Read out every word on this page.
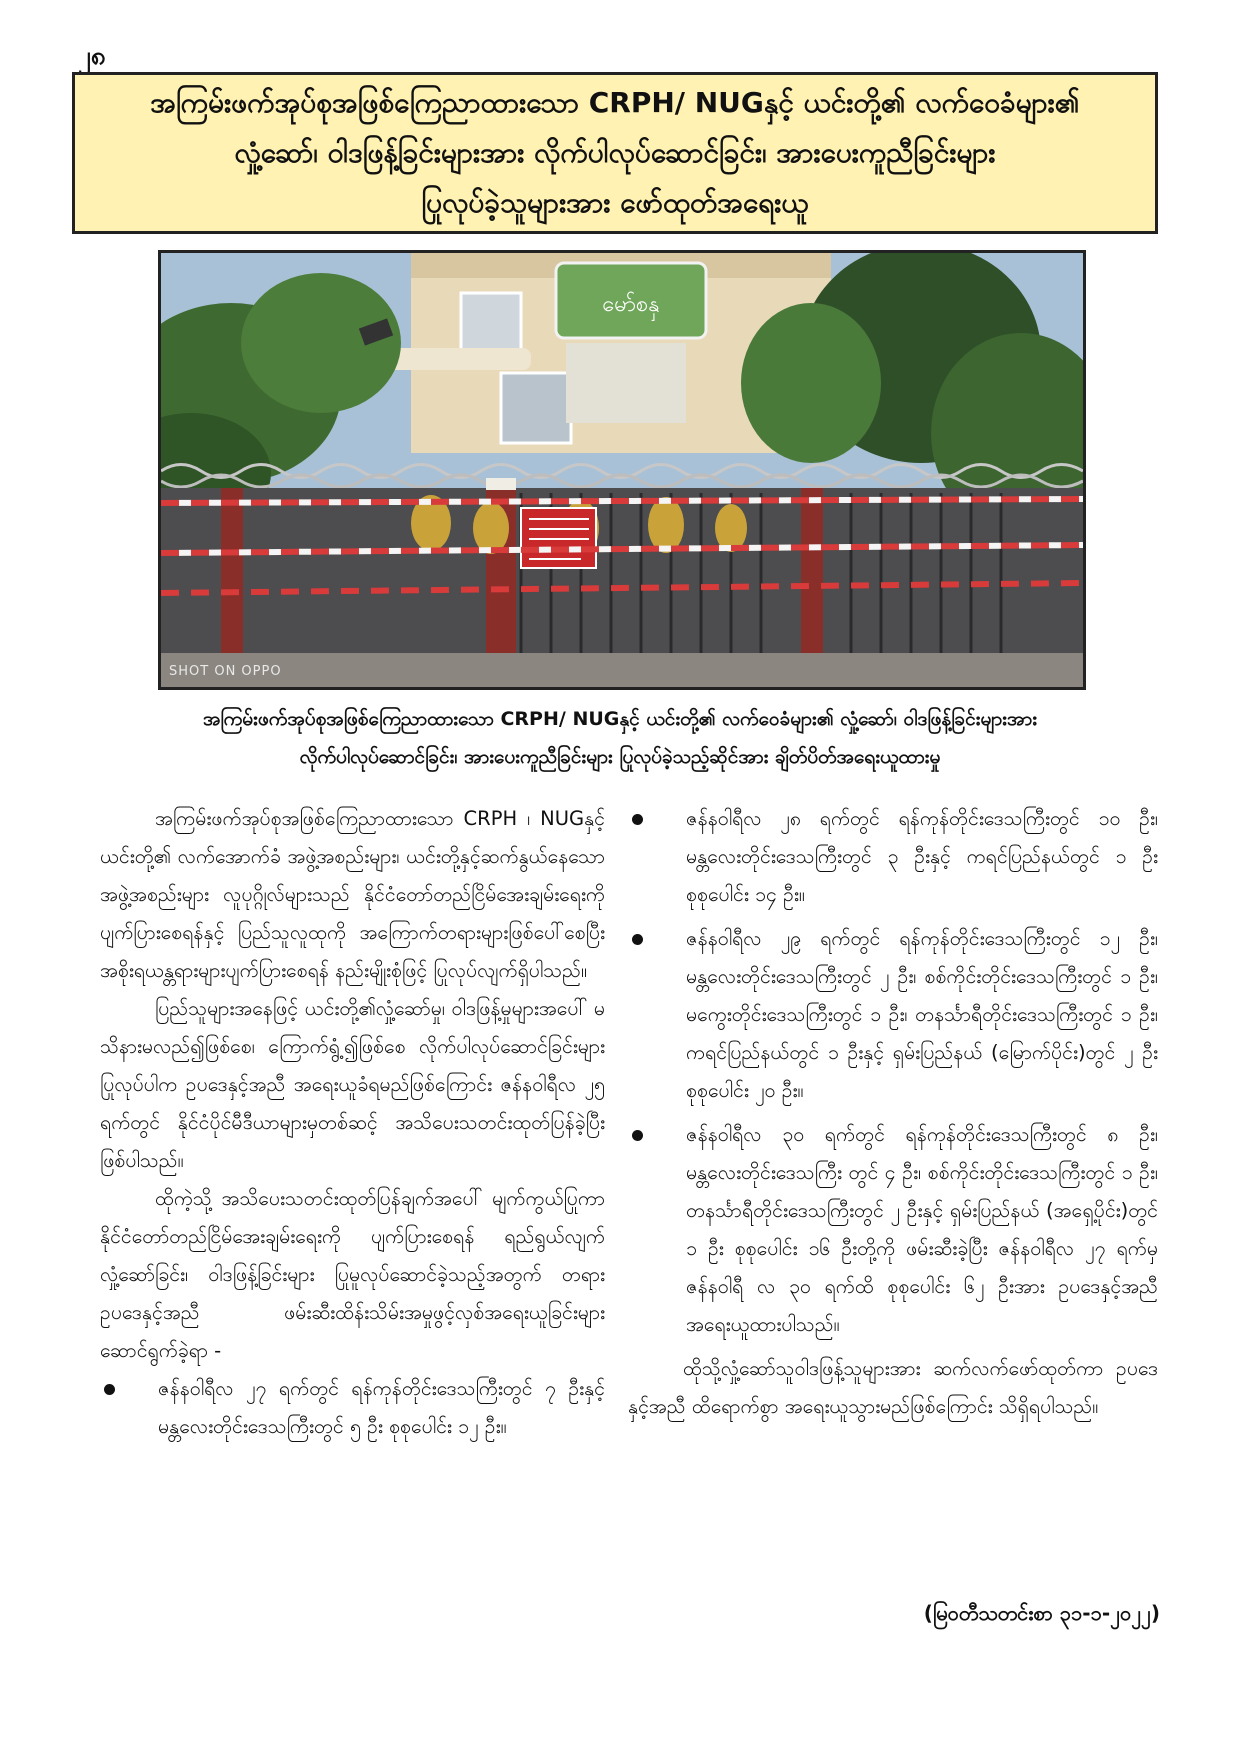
၂၈
အကြမ်းဖက်အုပ်စုအဖြစ်ကြေညာထားသော CRPH/ NUGနှင့် ယင်းတို့၏ လက်ဝေခံများ၏
လှုံ့ဆော်၊ ဝါဒဖြန့်ခြင်းများအား လိုက်ပါလုပ်ဆောင်ခြင်း၊ အားပေးကူညီခြင်းများ
ပြုလုပ်ခဲ့သူများအား ဖော်ထုတ်အရေးယူ
မော်စနှ
SHOT ON OPPO
အကြမ်းဖက်အုပ်စုအဖြစ်ကြေညာထားသော CRPH/ NUGနှင့် ယင်းတို့၏ လက်ဝေခံများ၏ လှုံ့ဆော်၊ ဝါဒဖြန့်ခြင်းများအား
လိုက်ပါလုပ်ဆောင်ခြင်း၊ အားပေးကူညီခြင်းများ ပြုလုပ်ခဲ့သည့်ဆိုင်အား ချိတ်ပိတ်အရေးယူထားမှု

အကြမ်းဖက်အုပ်စုအဖြစ်ကြေညာထားသော CRPH ၊ NUGနှင့် ယင်းတို့၏ လက်အောက်ခံ အဖွဲ့အစည်းများ၊ ယင်းတို့နှင့်ဆက်နွယ်နေသော အဖွဲ့အစည်းများ လူပုဂ္ဂိုလ်များသည် နိုင်ငံတော်တည်ငြိမ်အေးချမ်းရေးကို ပျက်ပြားစေရန်နှင့် ပြည်သူလူထုကို အကြောက်တရားများဖြစ်ပေါ်စေပြီး အစိုးရယန္တရားများပျက်ပြားစေရန် နည်းမျိုးစုံဖြင့် ပြုလုပ်လျက်ရှိပါသည်။

ပြည်သူများအနေဖြင့် ယင်းတို့၏လှုံ့ဆော်မှု၊ ဝါဒဖြန့်မှုများအပေါ် မသိနားမလည်၍ဖြစ်စေ၊ ကြောက်ရွံ့၍ဖြစ်စေ လိုက်ပါလုပ်ဆောင်ခြင်းများပြုလုပ်ပါက ဥပဒေနှင့်အညီ အရေးယူခံရမည်ဖြစ်ကြောင်း ဇန်နဝါရီလ ၂၅ ရက်တွင် နိုင်ငံပိုင်မီဒီယာများမှတစ်ဆင့် အသိပေးသတင်းထုတ်ပြန်ခဲ့ပြီး ဖြစ်ပါသည်။

ထိုကဲ့သို့ အသိပေးသတင်းထုတ်ပြန်ချက်အပေါ် မျက်ကွယ်ပြုကာ နိုင်ငံတော်တည်ငြိမ်အေးချမ်းရေးကို ပျက်ပြားစေရန် ရည်ရွယ်လျက် လှုံ့ဆော်ခြင်း၊ ဝါဒဖြန့်ခြင်းများ ပြုမူလုပ်ဆောင်ခဲ့သည့်အတွက် တရားဥပဒေနှင့်အညီ ဖမ်းဆီးထိန်းသိမ်းအမှုဖွင့်လှစ်အရေးယူခြင်းများ ဆောင်ရွက်ခဲ့ရာ -

ဇန်နဝါရီလ ၂၇ ရက်တွင် ရန်ကုန်တိုင်းဒေသကြီးတွင် ၇ ဦးနှင့် မန္တလေးတိုင်းဒေသကြီးတွင် ၅ ဦး စုစုပေါင်း ၁၂ ဦး။
ဇန်နဝါရီလ ၂၈ ရက်တွင် ရန်ကုန်တိုင်းဒေသကြီးတွင် ၁၀ ဦး၊ မန္တလေးတိုင်းဒေသကြီးတွင် ၃ ဦးနှင့် ကရင်ပြည်နယ်တွင် ၁ ဦး စုစုပေါင်း ၁၄ ဦး။
ဇန်နဝါရီလ ၂၉ ရက်တွင် ရန်ကုန်တိုင်းဒေသကြီးတွင် ၁၂ ဦး၊ မန္တလေးတိုင်းဒေသကြီးတွင် ၂ ဦး၊ စစ်ကိုင်းတိုင်းဒေသကြီးတွင် ၁ ဦး၊ မကွေးတိုင်းဒေသကြီးတွင် ၁ ဦး၊ တနင်္သာရီတိုင်းဒေသကြီးတွင် ၁ ဦး၊ ကရင်ပြည်နယ်တွင် ၁ ဦးနှင့် ရှမ်းပြည်နယ် (မြောက်ပိုင်း)တွင် ၂ ဦး စုစုပေါင်း ၂၀ ဦး။
ဇန်နဝါရီလ ၃၀ ရက်တွင် ရန်ကုန်တိုင်းဒေသကြီးတွင် ၈ ဦး၊ မန္တလေးတိုင်းဒေသကြီး တွင် ၄ ဦး၊ စစ်ကိုင်းတိုင်းဒေသကြီးတွင် ၁ ဦး၊ တနင်္သာရီတိုင်းဒေသကြီးတွင် ၂ ဦးနှင့် ရှမ်းပြည်နယ် (အရှေ့ပိုင်း)တွင် ၁ ဦး စုစုပေါင်း ၁၆ ဦးတို့ကို ဖမ်းဆီးခဲ့ပြီး ဇန်နဝါရီလ ၂၇ ရက်မှ ဇန်နဝါရီ လ ၃၀ ရက်ထိ စုစုပေါင်း ၆၂ ဦးအား ဥပဒေနှင့်အညီ အရေးယူထားပါသည်။

ထိုသို့လှုံ့ဆော်သူဝါဒဖြန့်သူများအား ဆက်လက်ဖော်ထုတ်ကာ ဥပဒေနှင့်အညီ ထိရောက်စွာ အရေးယူသွားမည်ဖြစ်ကြောင်း သိရှိရပါသည်။

(မြဝတီသတင်းစာ ၃၁-၁-၂၀၂၂)
